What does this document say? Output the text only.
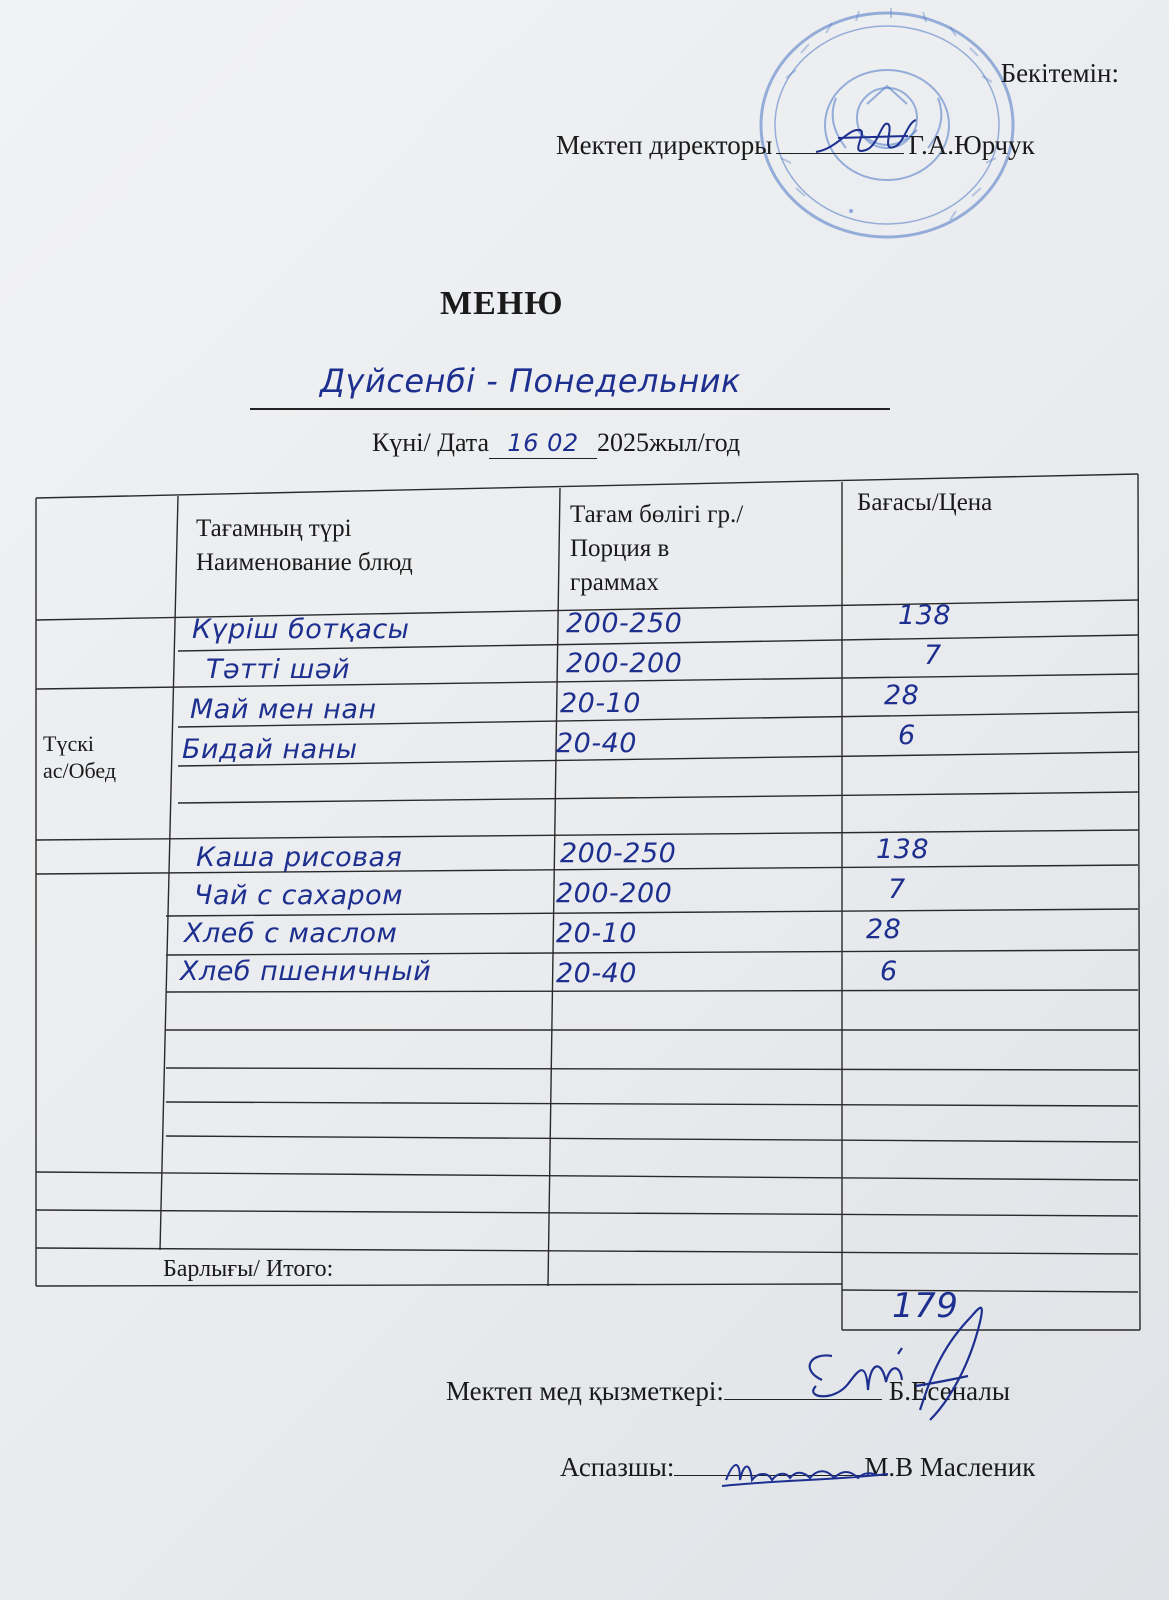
Бекітемін:
Мектеп директоры	Г.А.Юрчук
МЕНЮ
Дүйсенбі - Понедельник
Күні/ Дата 16 02 2025жыл/год
Тағамның түрі
Наименование блюд
Тағам бөлігі гр./
Порция в
граммах
Бағасы/Цена
Түскі
ас/Обед
Күріш ботқасы	200-250	138
Тәтті шәй	200-200	7
Май мен нан	20-10	28
Бидай наны	20-40	6
Каша рисовая	200-250	138
Чай с сахаром	200-200	7
Хлеб с маслом	20-10	28
Хлеб пшеничный	20-40	6
Барлығы/ Итого:
179
Мектеп мед қызметкері:	Б.Есеналы
Аспазшы:	М.В Масленик
